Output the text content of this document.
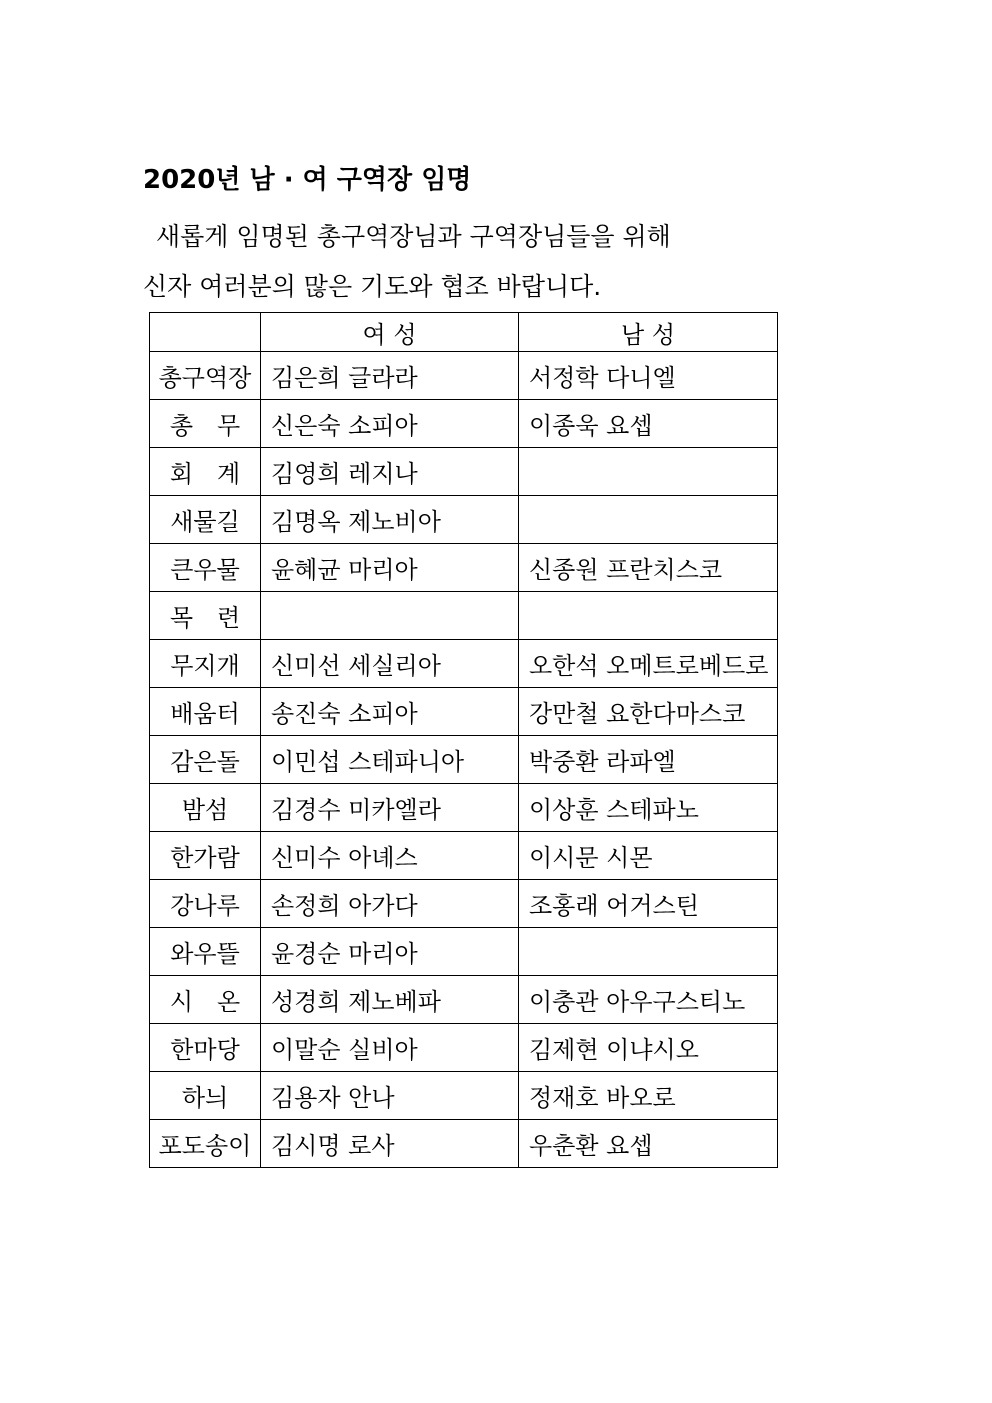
2020년 남 · 여 구역장 임명

새롭게 임명된 총구역장님과 구역장님들을 위해
신자 여러분의 많은 기도와 협조 바랍니다.

	여 성	남 성
총구역장	김은희 글라라	서정학 다니엘
총　무	신은숙 소피아	이종욱 요셉
회　계	김영희 레지나	
새물길	김명옥 제노비아	
큰우물	윤혜균 마리아	신종원 프란치스코
목　련		
무지개	신미선 세실리아	오한석 오메트로베드로
배움터	송진숙 소피아	강만철 요한다마스코
감은돌	이민섭 스테파니아	박중환 라파엘
밤섬	김경수 미카엘라	이상훈 스테파노
한가람	신미수 아녜스	이시문 시몬
강나루	손정희 아가다	조홍래 어거스틴
와우뜰	윤경순 마리아	
시　온	성경희 제노베파	이충관 아우구스티노
한마당	이말순 실비아	김제현 이냐시오
하늬	김용자 안나	정재호 바오로
포도송이	김시명 로사	우춘환 요셉
